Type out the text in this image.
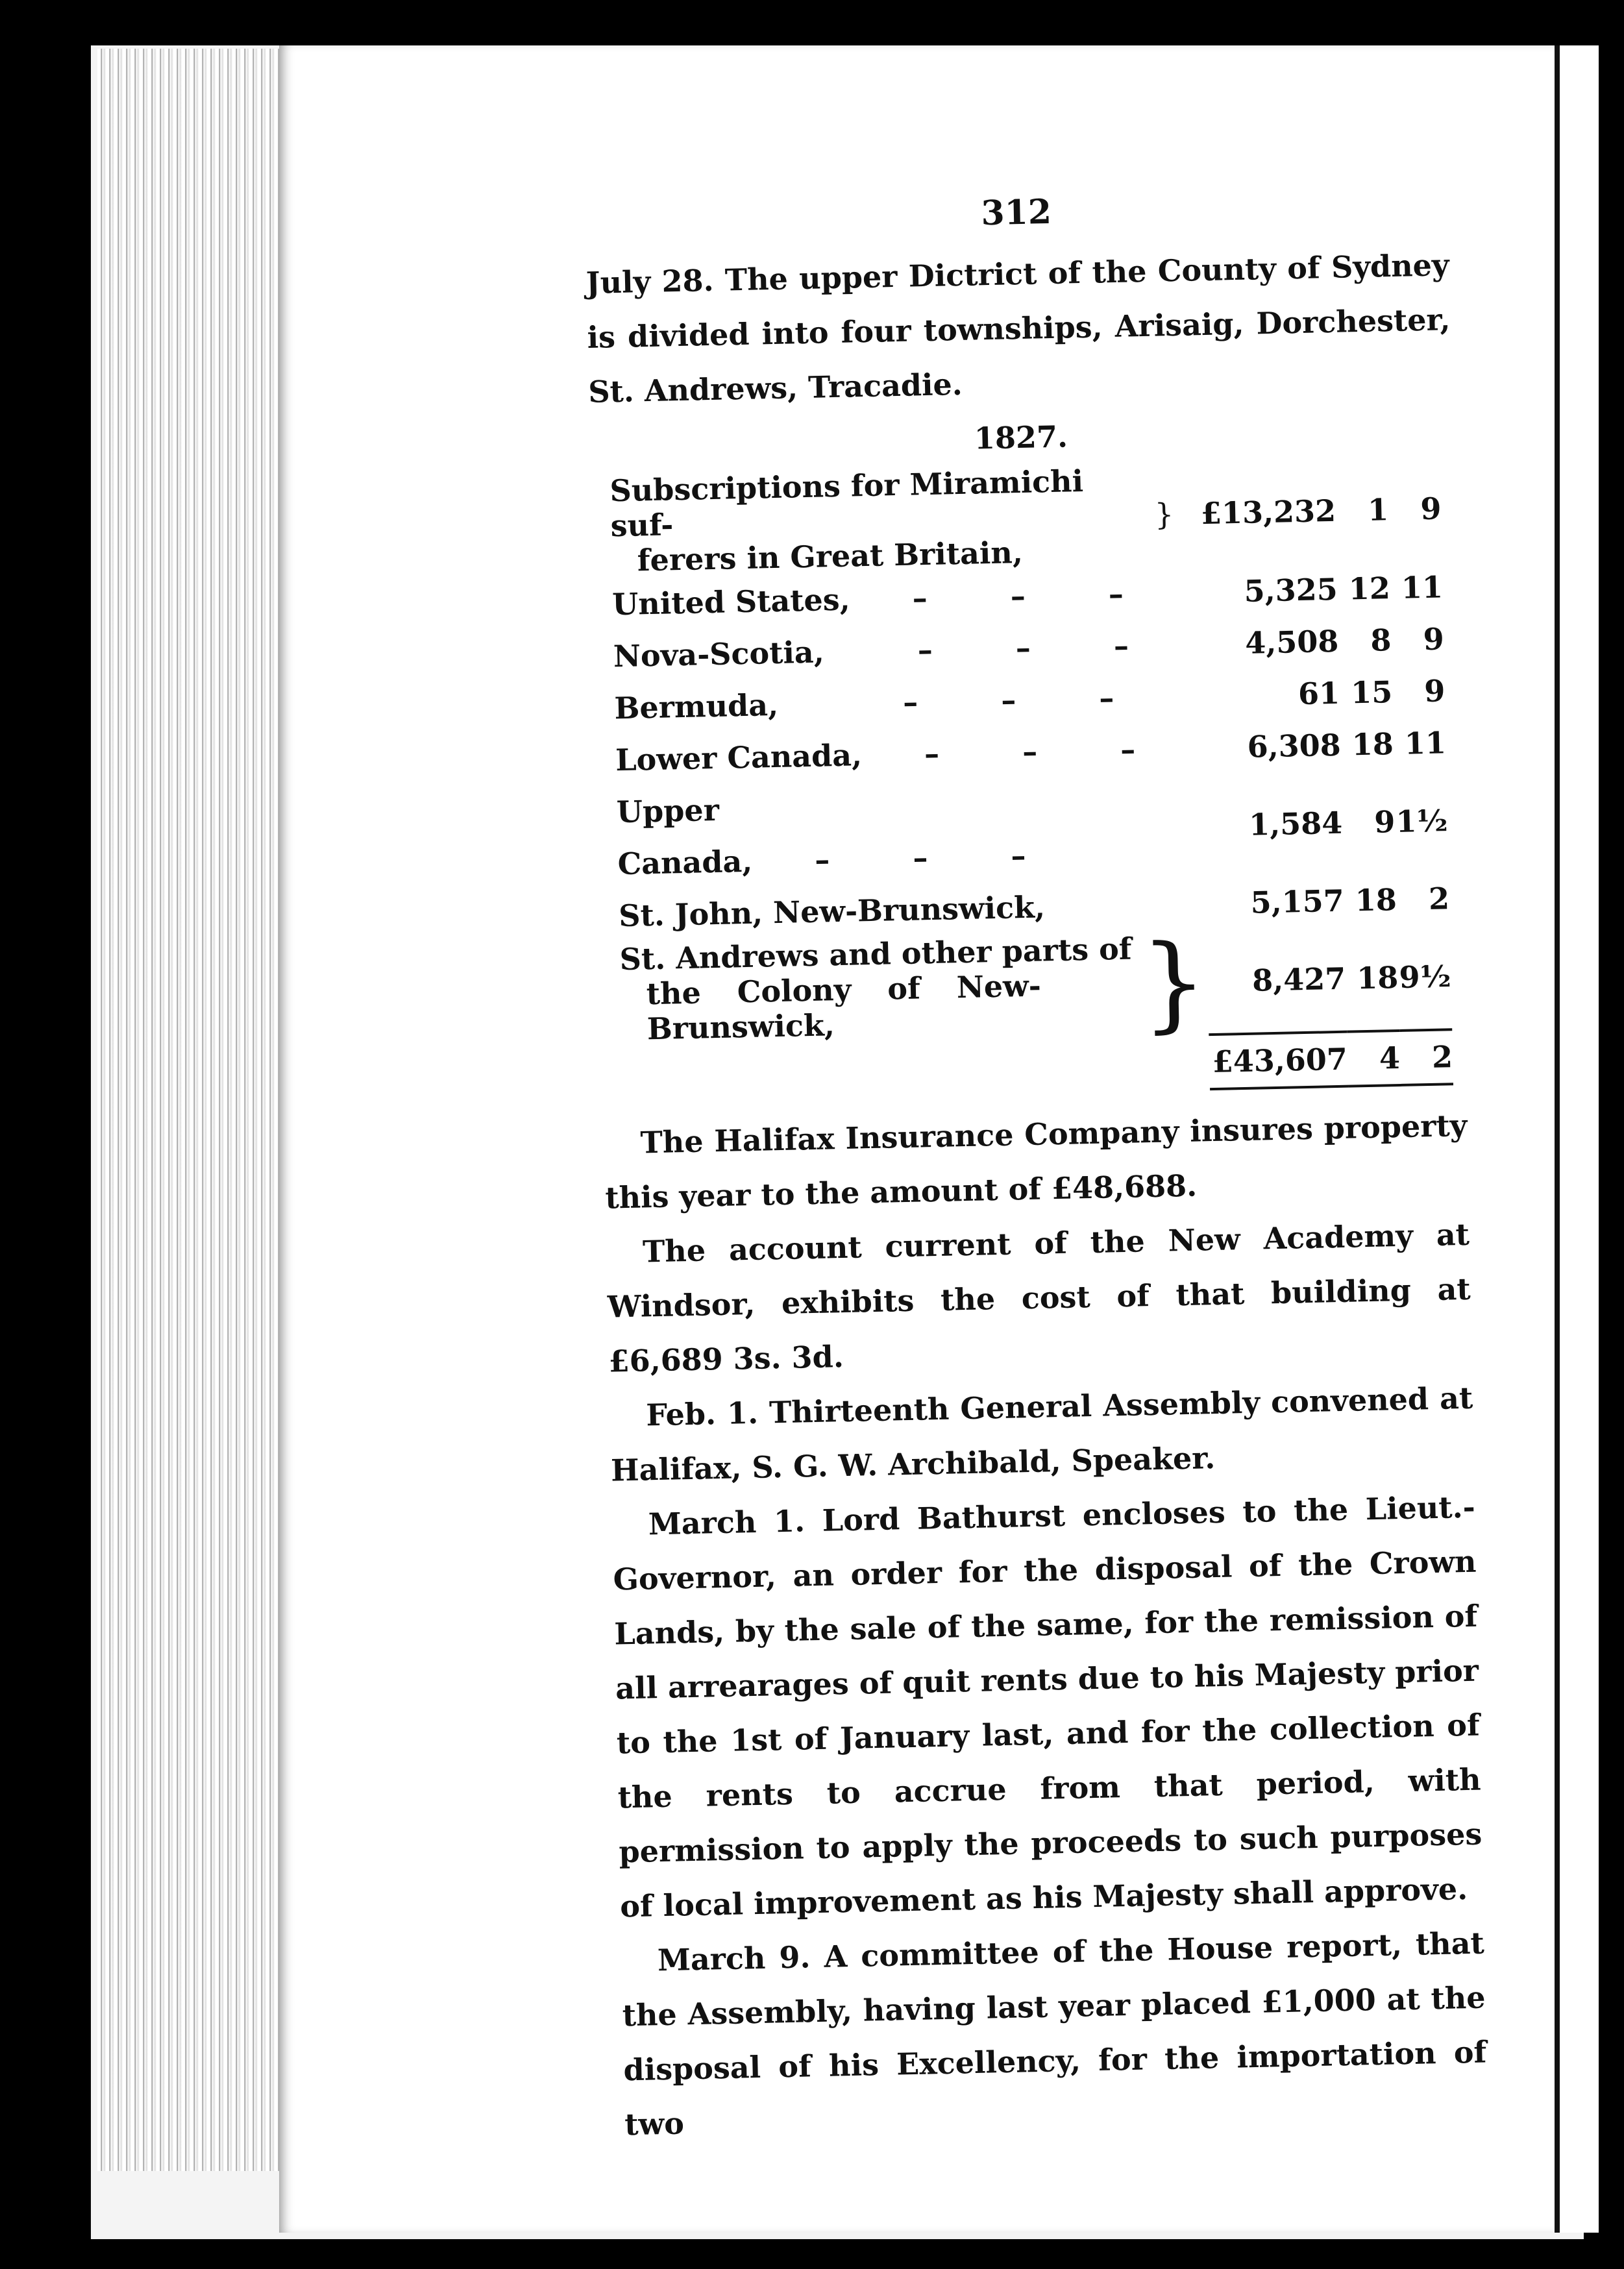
312
July 28. The upper Dictrict of the County of Sydney is divided into four townships, Arisaig, Dorchester, St. Andrews, Tracadie.
1827.
Subscriptions for Miramichi suf-
ferers in Great Britain,	}	£13,232	1	9
United States, –        –        –		5,325	12	11
Nova-Scotia, –        –        –		4,508	8	9
Bermuda, –        –        –		61	15	9
Lower Canada, –        –        –		6,308	18	11
Upper Canada, –        –        –		1,584	9	1½
St. John, New-Brunswick,		5,157	18	2

St. Andrews and other parts of
the Colony of New-
Brunswick,	}	8,427	18	9½
		£43,607	4	2
The Halifax Insurance Company insures property this year to the amount of £48,688.
The account current of the New Academy at Windsor, exhibits the cost of that building at £6,689 3s. 3d.
Feb. 1. Thirteenth General Assembly convened at Halifax, S. G. W. Archibald, Speaker.
March 1. Lord Bathurst encloses to the Lieut.-Governor, an order for the disposal of the Crown Lands, by the sale of the same, for the remission of all arrearages of quit rents due to his Majesty prior to the 1st of January last, and for the collection of the rents to accrue from that period, with permission to apply the proceeds to such purposes of local improvement as his Majesty shall approve.
March 9. A committee of the House report, that the Assembly, having last year placed £1,000 at the disposal of his Excellency, for the importation of two
